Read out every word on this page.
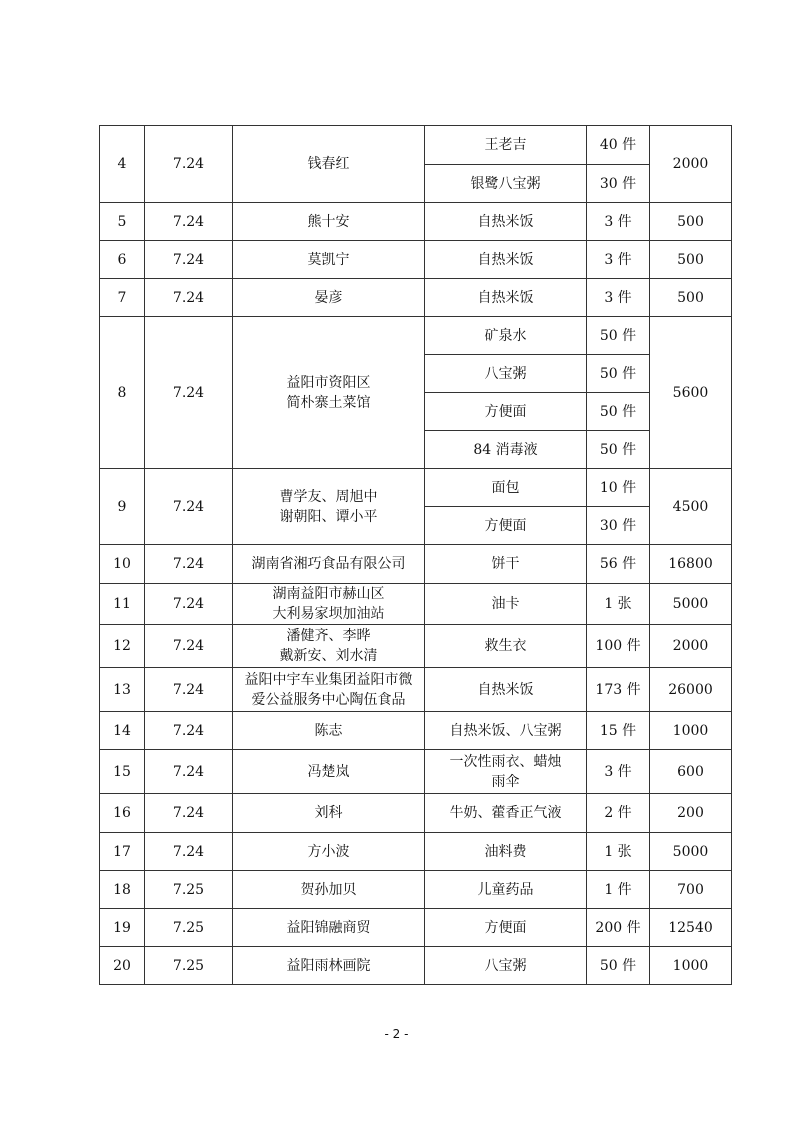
4	7.24	钱春红	王老吉	40 件	2000
			银鹭八宝粥	30 件	
5	7.24	熊十安	自热米饭	3 件	500
6	7.24	莫凯宁	自热米饭	3 件	500
7	7.24	晏彦	自热米饭	3 件	500
8	7.24	益阳市资阳区
简朴寨土菜馆	矿泉水	50 件	5600
			八宝粥	50 件	
			方便面	50 件	
			84 消毒液	50 件	
9	7.24	曹学友、周旭中
谢朝阳、谭小平	面包	10 件	4500
			方便面	30 件	
10	7.24	湖南省湘巧食品有限公司	饼干	56 件	16800
11	7.24	湖南益阳市赫山区
大利易家坝加油站	油卡	1 张	5000
12	7.24	潘健齐、李晔
戴新安、刘水清	救生衣	100 件	2000
13	7.24	益阳中宇车业集团益阳市微
爱公益服务中心陶伍食品	自热米饭	173 件	26000
14	7.24	陈志	自热米饭、八宝粥	15 件	1000
15	7.24	冯楚岚	一次性雨衣、蜡烛
雨伞	3 件	600
16	7.24	刘科	牛奶、藿香正气液	2 件	200
17	7.24	方小波	油料费	1 张	5000
18	7.25	贺孙加贝	儿童药品	1 件	700
19	7.25	益阳锦融商贸	方便面	200 件	12540
20	7.25	益阳雨林画院	八宝粥	50 件	1000
- 2 -
